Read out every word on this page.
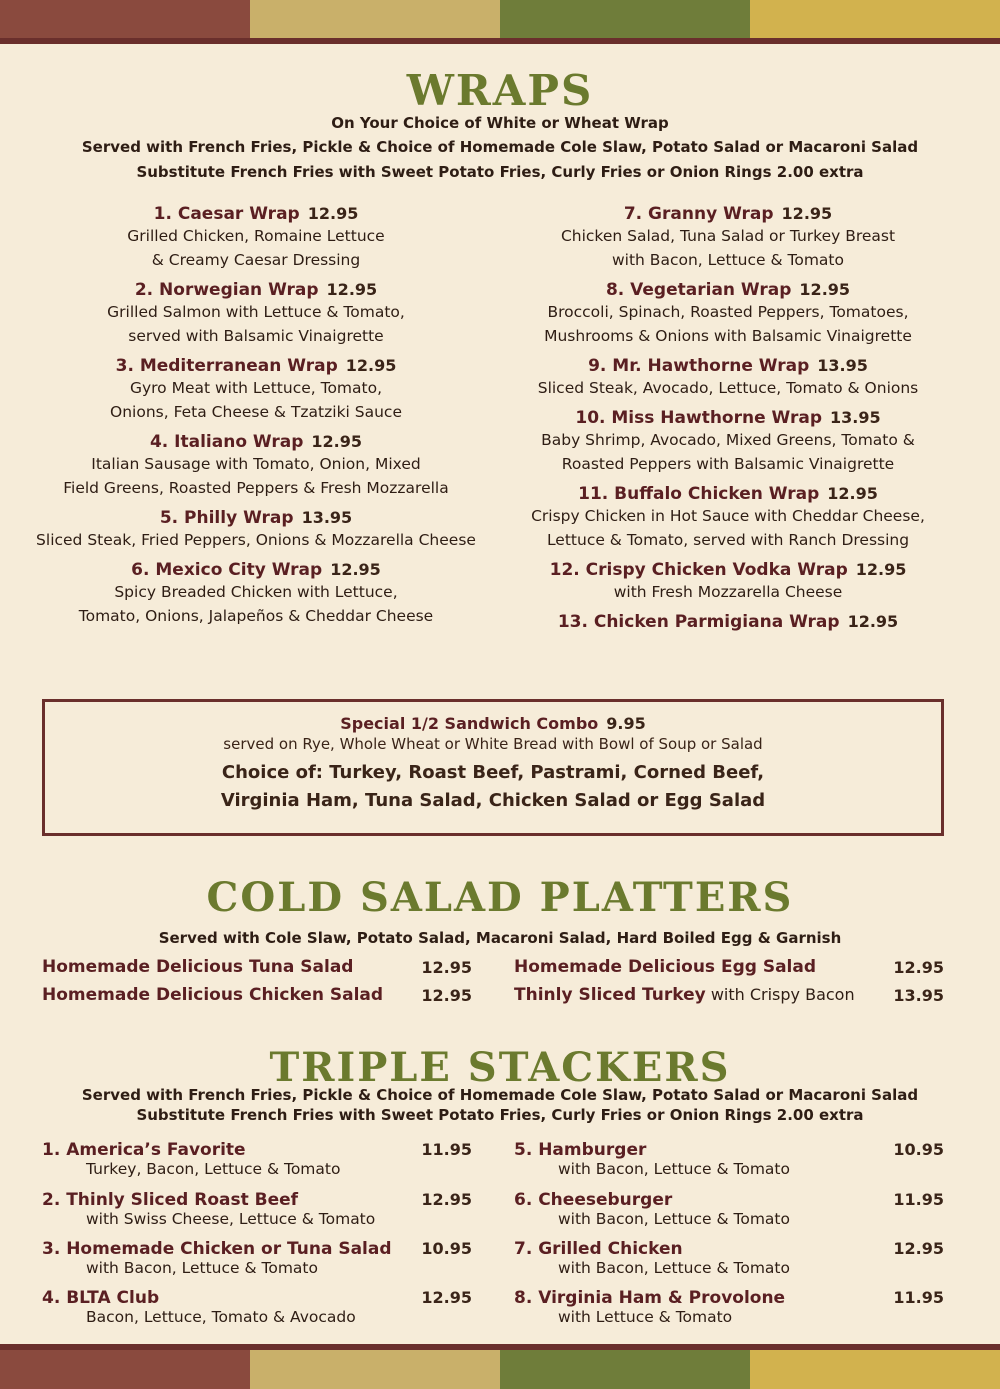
WRAPS
On Your Choice of White or Wheat Wrap
Served with French Fries, Pickle & Choice of Homemade Cole Slaw, Potato Salad or Macaroni Salad
Substitute French Fries with Sweet Potato Fries, Curly Fries or Onion Rings 2.00 extra
1. Caesar Wrap 12.95
Grilled Chicken, Romaine Lettuce
& Creamy Caesar Dressing
2. Norwegian Wrap 12.95
Grilled Salmon with Lettuce & Tomato,
served with Balsamic Vinaigrette
3. Mediterranean Wrap 12.95
Gyro Meat with Lettuce, Tomato,
Onions, Feta Cheese & Tzatziki Sauce
4. Italiano Wrap 12.95
Italian Sausage with Tomato, Onion, Mixed
Field Greens, Roasted Peppers & Fresh Mozzarella
5. Philly Wrap 13.95
Sliced Steak, Fried Peppers, Onions & Mozzarella Cheese
6. Mexico City Wrap 12.95
Spicy Breaded Chicken with Lettuce,
Tomato, Onions, Jalapeños & Cheddar Cheese
7. Granny Wrap 12.95
Chicken Salad, Tuna Salad or Turkey Breast
with Bacon, Lettuce & Tomato
8. Vegetarian Wrap 12.95
Broccoli, Spinach, Roasted Peppers, Tomatoes,
Mushrooms & Onions with Balsamic Vinaigrette
9. Mr. Hawthorne Wrap 13.95
Sliced Steak, Avocado, Lettuce, Tomato & Onions
10. Miss Hawthorne Wrap 13.95
Baby Shrimp, Avocado, Mixed Greens, Tomato &
Roasted Peppers with Balsamic Vinaigrette
11. Buffalo Chicken Wrap 12.95
Crispy Chicken in Hot Sauce with Cheddar Cheese,
Lettuce & Tomato, served with Ranch Dressing
12. Crispy Chicken Vodka Wrap 12.95
with Fresh Mozzarella Cheese
13. Chicken Parmigiana Wrap 12.95
Special 1/2 Sandwich Combo 9.95
served on Rye, Whole Wheat or White Bread with Bowl of Soup or Salad
Choice of: Turkey, Roast Beef, Pastrami, Corned Beef,
Virginia Ham, Tuna Salad, Chicken Salad or Egg Salad
COLD SALAD PLATTERS
Served with Cole Slaw, Potato Salad, Macaroni Salad, Hard Boiled Egg & Garnish
Homemade Delicious Tuna Salad	12.95
Homemade Delicious Chicken Salad 12.95
Homemade Delicious Egg Salad	12.95
Thinly Sliced Turkey with Crispy Bacon 13.95
TRIPLE STACKERS
Served with French Fries, Pickle & Choice of Homemade Cole Slaw, Potato Salad or Macaroni Salad
Substitute French Fries with Sweet Potato Fries, Curly Fries or Onion Rings 2.00 extra
1. America’s Favorite	11.95
Turkey, Bacon, Lettuce & Tomato
2. Thinly Sliced Roast Beef	12.95
with Swiss Cheese, Lettuce & Tomato
3. Homemade Chicken or Tuna Salad	10.95
with Bacon, Lettuce & Tomato
4. BLTA Club	12.95
Bacon, Lettuce, Tomato & Avocado
5. Hamburger	10.95
with Bacon, Lettuce & Tomato
6. Cheeseburger	11.95
with Bacon, Lettuce & Tomato
7. Grilled Chicken	12.95
with Bacon, Lettuce & Tomato
8. Virginia Ham & Provolone	11.95
with Lettuce & Tomato
